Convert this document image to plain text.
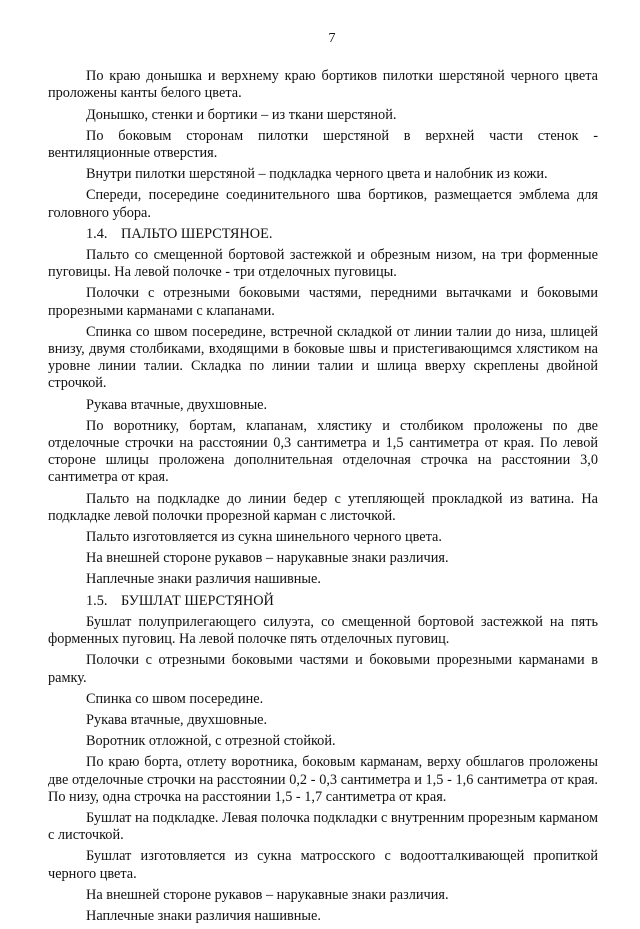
7

По краю донышка и верхнему краю бортиков пилотки шерстяной черного цвета проложены канты белого цвета.

Донышко, стенки и бортики – из ткани шерстяной.

По боковым сторонам пилотки шерстяной в верхней части стенок - вентиляционные отверстия.

Внутри пилотки шерстяной – подкладка черного цвета и налобник из кожи.

Спереди, посередине соединительного шва бортиков, размещается эмблема для головного убора.

1.4. ПАЛЬТО ШЕРСТЯНОЕ.

Пальто со смещенной бортовой застежкой и обрезным низом, на три форменные пуговицы. На левой полочке - три отделочных пуговицы.

Полочки с отрезными боковыми частями, передними вытачками и боковыми прорезными карманами с клапанами.

Спинка со швом посередине, встречной складкой от линии талии до низа, шлицей внизу, двумя столбиками, входящими в боковые швы и пристегивающимся хлястиком на уровне линии талии. Складка по линии талии и шлица вверху скреплены двойной строчкой.

Рукава втачные, двухшовные.

По воротнику, бортам, клапанам, хлястику и столбиком проложены по две отделочные строчки на расстоянии 0,3 сантиметра и 1,5 сантиметра от края. По левой стороне шлицы проложена дополнительная отделочная строчка на расстоянии 3,0 сантиметра от края.

Пальто на подкладке до линии бедер с утепляющей прокладкой из ватина. На подкладке левой полочки прорезной карман с листочкой.

Пальто изготовляется из сукна шинельного черного цвета.

На внешней стороне рукавов – нарукавные знаки различия.

Наплечные знаки различия нашивные.

1.5. БУШЛАТ ШЕРСТЯНОЙ

Бушлат полуприлегающего силуэта, со смещенной бортовой застежкой на пять форменных пуговиц. На левой полочке пять отделочных пуговиц.

Полочки с отрезными боковыми частями и боковыми прорезными карманами в рамку.

Спинка со швом посередине.

Рукава втачные, двухшовные.

Воротник отложной, с отрезной стойкой.

По краю борта, отлету воротника, боковым карманам, верху обшлагов проложены две отделочные строчки на расстоянии 0,2 - 0,3 сантиметра и 1,5 - 1,6 сантиметра от края. По низу, одна строчка на расстоянии 1,5 - 1,7 сантиметра от края.

Бушлат на подкладке. Левая полочка подкладки с внутренним прорезным карманом с листочкой.

Бушлат изготовляется из сукна матросского с водоотталкивающей пропиткой черного цвета.

На внешней стороне рукавов – нарукавные знаки различия.

Наплечные знаки различия нашивные.
